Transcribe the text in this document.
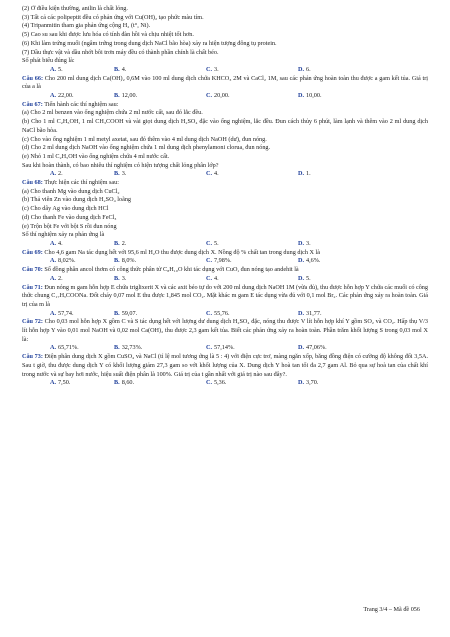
(2) Ở điều kiện thường, anilin là chất lỏng.
(3) Tất cả các polipeptit đều có phản ứng với Cu(OH)₂ tạo phức màu tím.
(4) Tripanmitin tham gia phản ứng cộng H₂ (t°, Ni).
(5) Cao su sau khi được lưu hóa có tính đàn hồi và chịu nhiệt tốt hơn.
(6) Khi làm trứng muối (ngâm trứng trong dung dịch NaCl bão hòa) xảy ra hiện tượng đông tụ protein.
(7) Dầu thực vật và dầu nhớt bôi trơn máy đều có thành phần chính là chất béo.
Số phát biểu đúng là:
A. 5.	B. 4.	C. 3.	D. 6.
Câu 66: Cho 200 ml dung dịch Ca(OH)₂ 0,6M vào 100 ml dung dịch chứa KHCO₃ 2M và CaCl₂ 1M, sau các phản ứng hoàn toàn thu được a gam kết tủa. Giá trị của a là
A. 22,00.	B. 12,00.	C. 20,00.	D. 10,00.
Câu 67: Tiến hành các thí nghiệm sau:
(a) Cho 2 ml benzen vào ống nghiệm chứa 2 ml nước cất, sau đó lắc đều.
(b) Cho 1 ml C₂H₅OH, 1 ml CH₃COOH và vài giọt dung dịch H₂SO₄ đặc vào ống nghiệm, lắc đều. Đun cách thủy 6 phút, làm lạnh và thêm vào 2 ml dung dịch NaCl bão hòa.
(c) Cho vào ống nghiệm 1 ml metyl axetat, sau đó thêm vào 4 ml dung dịch NaOH (dư), đun nóng.
(d) Cho 2 ml dung dịch NaOH vào ống nghiệm chứa 1 ml dung dịch phenylamoni clorua, đun nóng.
(e) Nhỏ 1 ml C₂H₅OH vào ống nghiệm chứa 4 ml nước cất.
Sau khi hoàn thành, có bao nhiêu thí nghiệm có hiện tượng chất lỏng phân lớp?
A. 2.	B. 3.	C. 4.	D. 1.
Câu 68: Thực hiện các thí nghiệm sau:
(a) Cho thanh Mg vào dung dịch CuCl₂
(b) Thả viên Zn vào dung dịch H₂SO₄ loãng
(c) Cho dây Ag vào dung dịch HCl
(d) Cho thanh Fe vào dung dịch FeCl₃
(e) Trộn bột Fe với bột S rồi đun nóng
Số thí nghiệm xảy ra phản ứng là
A. 4.	B. 2.	C. 5.	D. 3.
Câu 69: Cho 4,6 gam Na tác dụng hết với 95,6 ml H₂O thu được dung dịch X. Nồng độ % chất tan trong dung dịch X là
A. 8,02%.	B. 8,0%.	C. 7,98%.	D. 4,6%.
Câu 70: Số đồng phân ancol thơm có công thức phân tử C₈H₁₀O khi tác dụng với CuO, đun nóng tạo andehit là
A. 2.	B. 3.	C. 4.	D. 5.
Câu 71: Đun nóng m gam hỗn hợp E chứa triglixerit X và các axit béo tự do với 200 ml dung dịch NaOH 1M (vừa đủ), thu được hỗn hợp Y chứa các muối có công thức chung C₁₇HₓCOONa. Đốt cháy 0,07 mol E thu được 1,845 mol CO₂. Mặt khác m gam E tác dụng vừa đủ với 0,1 mol Br₂. Các phản ứng xảy ra hoàn toàn. Giá trị của m là
A. 57,74.	B. 59,07.	C. 55,76.	D. 31,77.
Câu 72: Cho 0,03 mol hỗn hợp X gồm C và S tác dụng hết với lượng dư dung dịch H₂SO₄ đặc, nóng thu được V lít hỗn hợp khí Y gồm SO₂ và CO₂. Hấp thụ V/3 lít hỗn hợp Y vào 0,01 mol NaOH và 0,02 mol Ca(OH)₂ thu được 2,3 gam kết tủa. Biết các phản ứng xảy ra hoàn toàn. Phần trăm khối lượng S trong 0,03 mol X là:
A. 65,71%.	B. 32,73%.	C. 57,14%.	D. 47,06%.
Câu 73: Điện phân dung dịch X gồm CuSO₄ và NaCl (tỉ lệ mol tương ứng là 5 : 4) với điện cực trơ, màng ngăn xốp, băng đồng điện có cường độ không đổi 3,5A. Sau t giờ, thu được dung dịch Y có khối lượng giảm 27,3 gam so với khối lượng của X. Dung dịch Y hoà tan tối đa 2,7 gam Al. Bỏ qua sự hoà tan của chất khí trong nước và sự bay hơi nước, hiệu suất điện phân là 100%. Giá trị của t gần nhất với giá trị nào sau đây?.
A. 7,50.	B. 8,60.	C. 5,36.	D. 3,70.
Trang 3/4 – Mã đề 056
